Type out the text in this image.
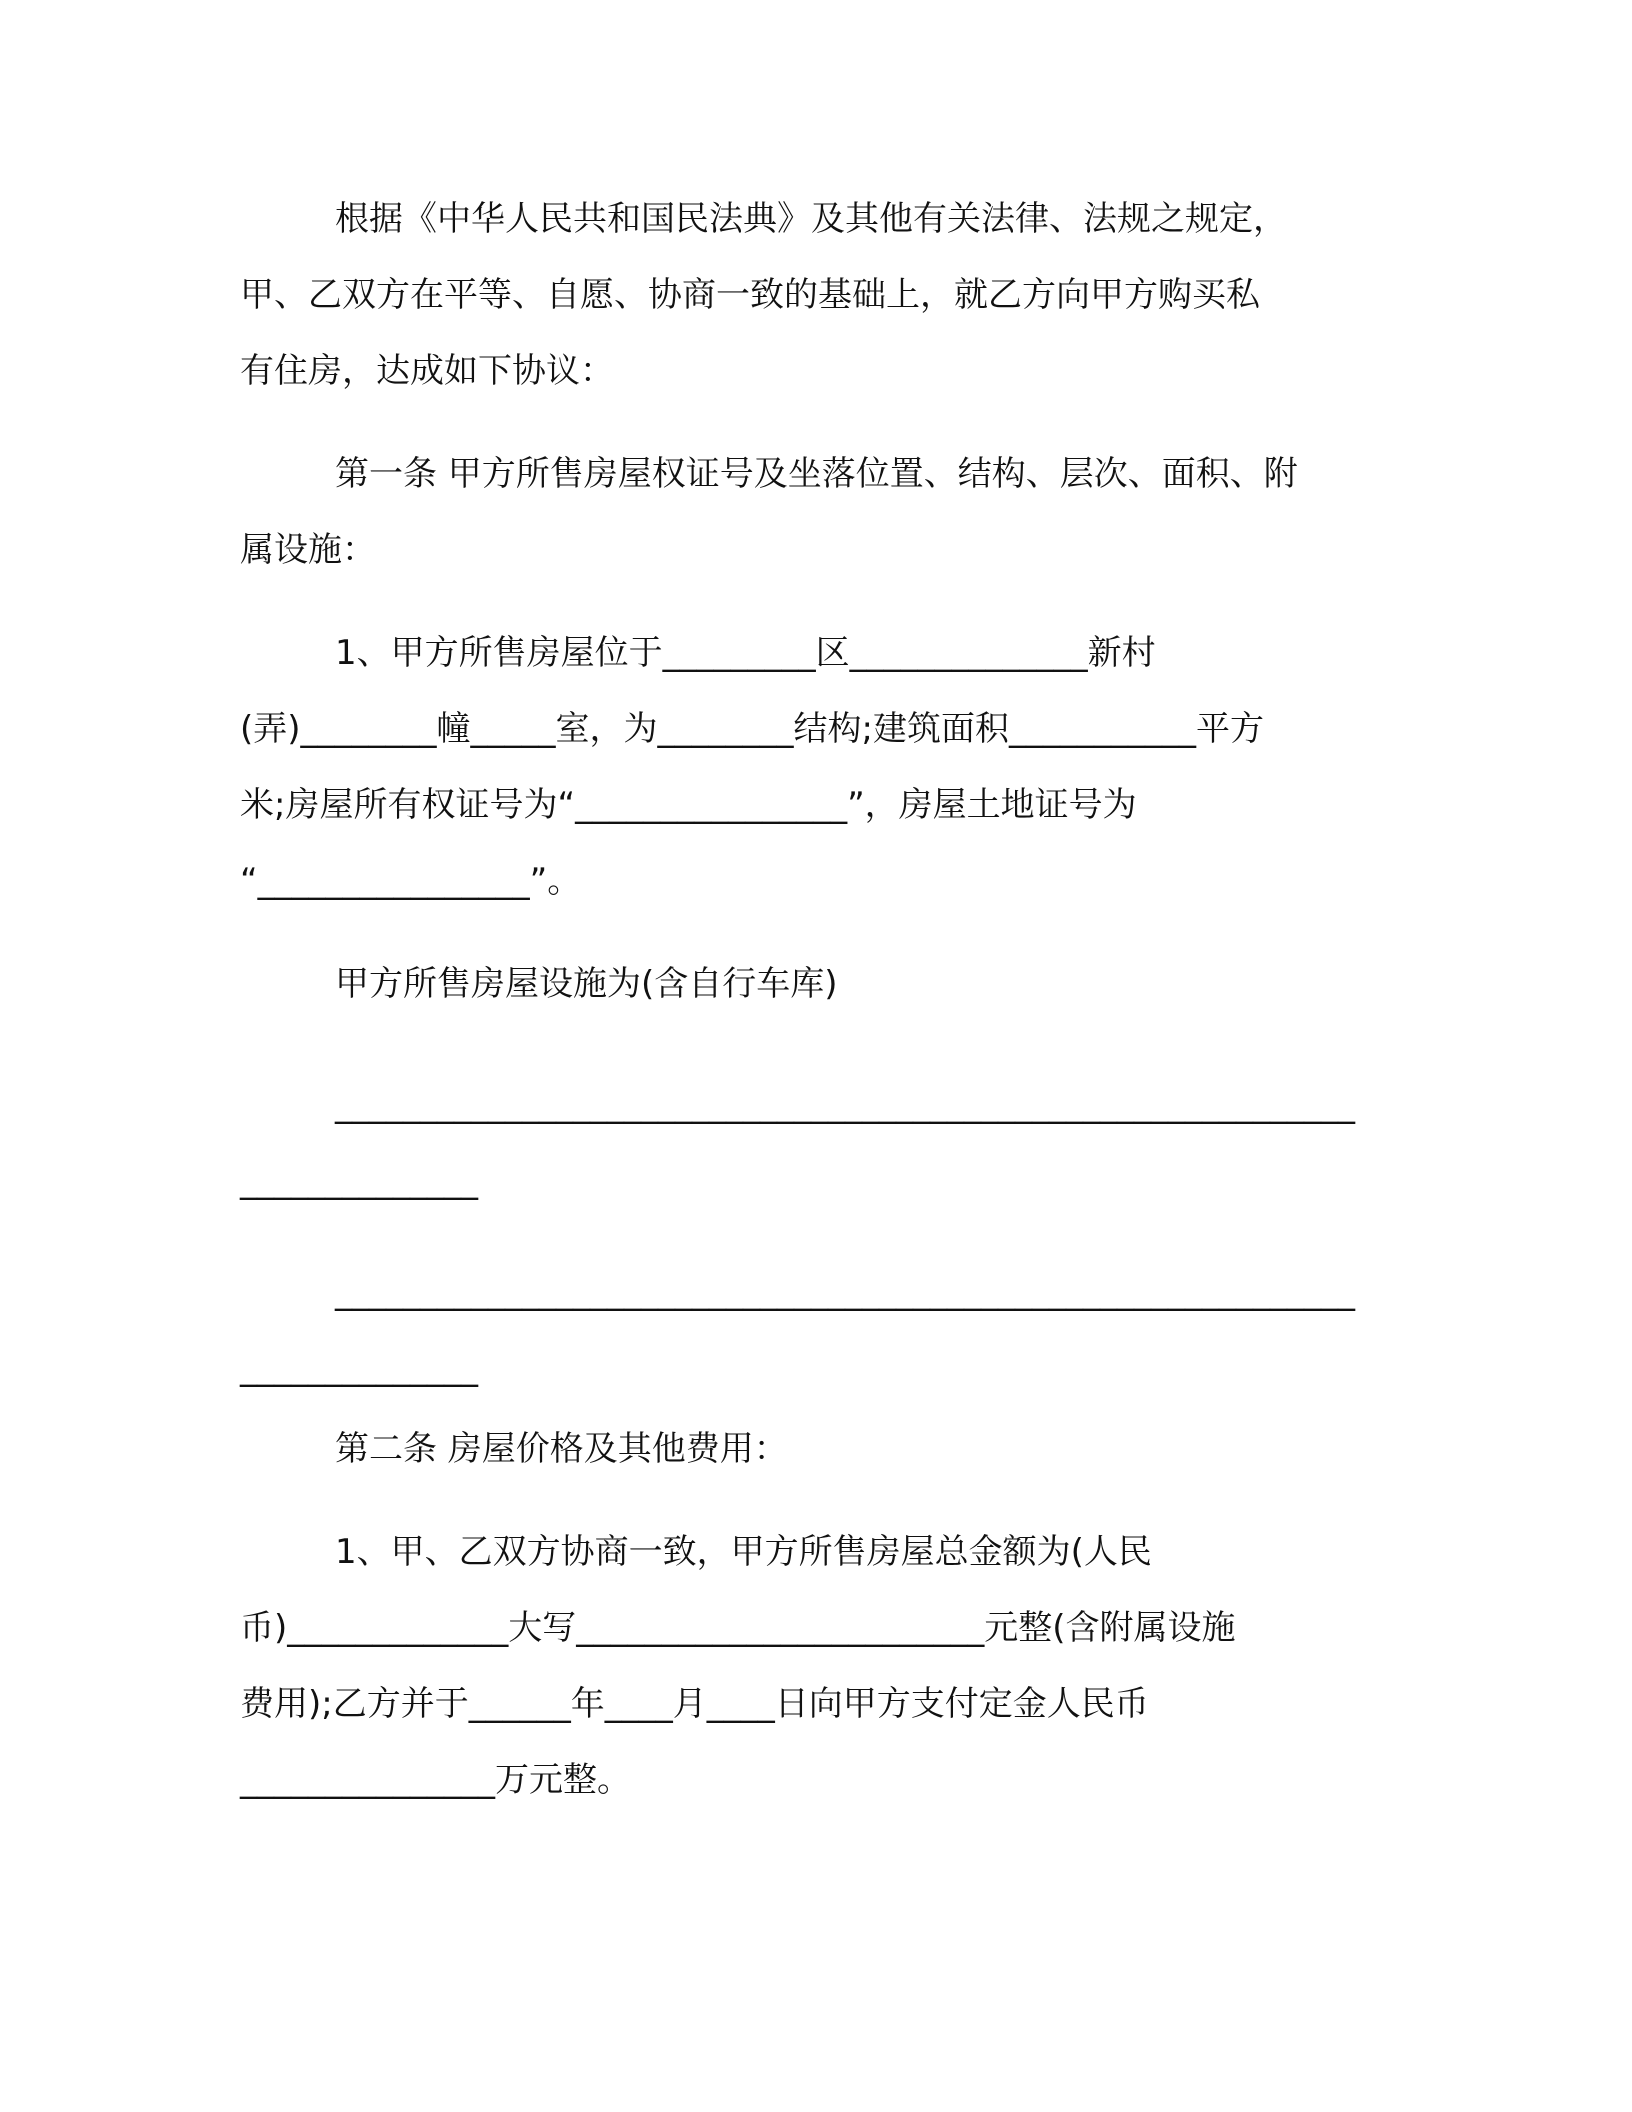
根据《中华人民共和国民法典》及其他有关法律、法规之规定，

甲、乙双方在平等、自愿、协商一致的基础上，就乙方向甲方购买私

有住房，达成如下协议：

第一条 甲方所售房屋权证号及坐落位置、结构、层次、面积、附

属设施：

1、甲方所售房屋位于_________区______________新村

(弄)________幢_____室，为________结构;建筑面积___________平方

米;房屋所有权证号为“________________”，房屋土地证号为

“________________”。

甲方所售房屋设施为(含自行车库)

____________________________________________________________

______________

____________________________________________________________

______________

第二条 房屋价格及其他费用：

1、甲、乙双方协商一致，甲方所售房屋总金额为(人民

币)_____________大写________________________元整(含附属设施

费用);乙方并于______年____月____日向甲方支付定金人民币

_______________万元整。
